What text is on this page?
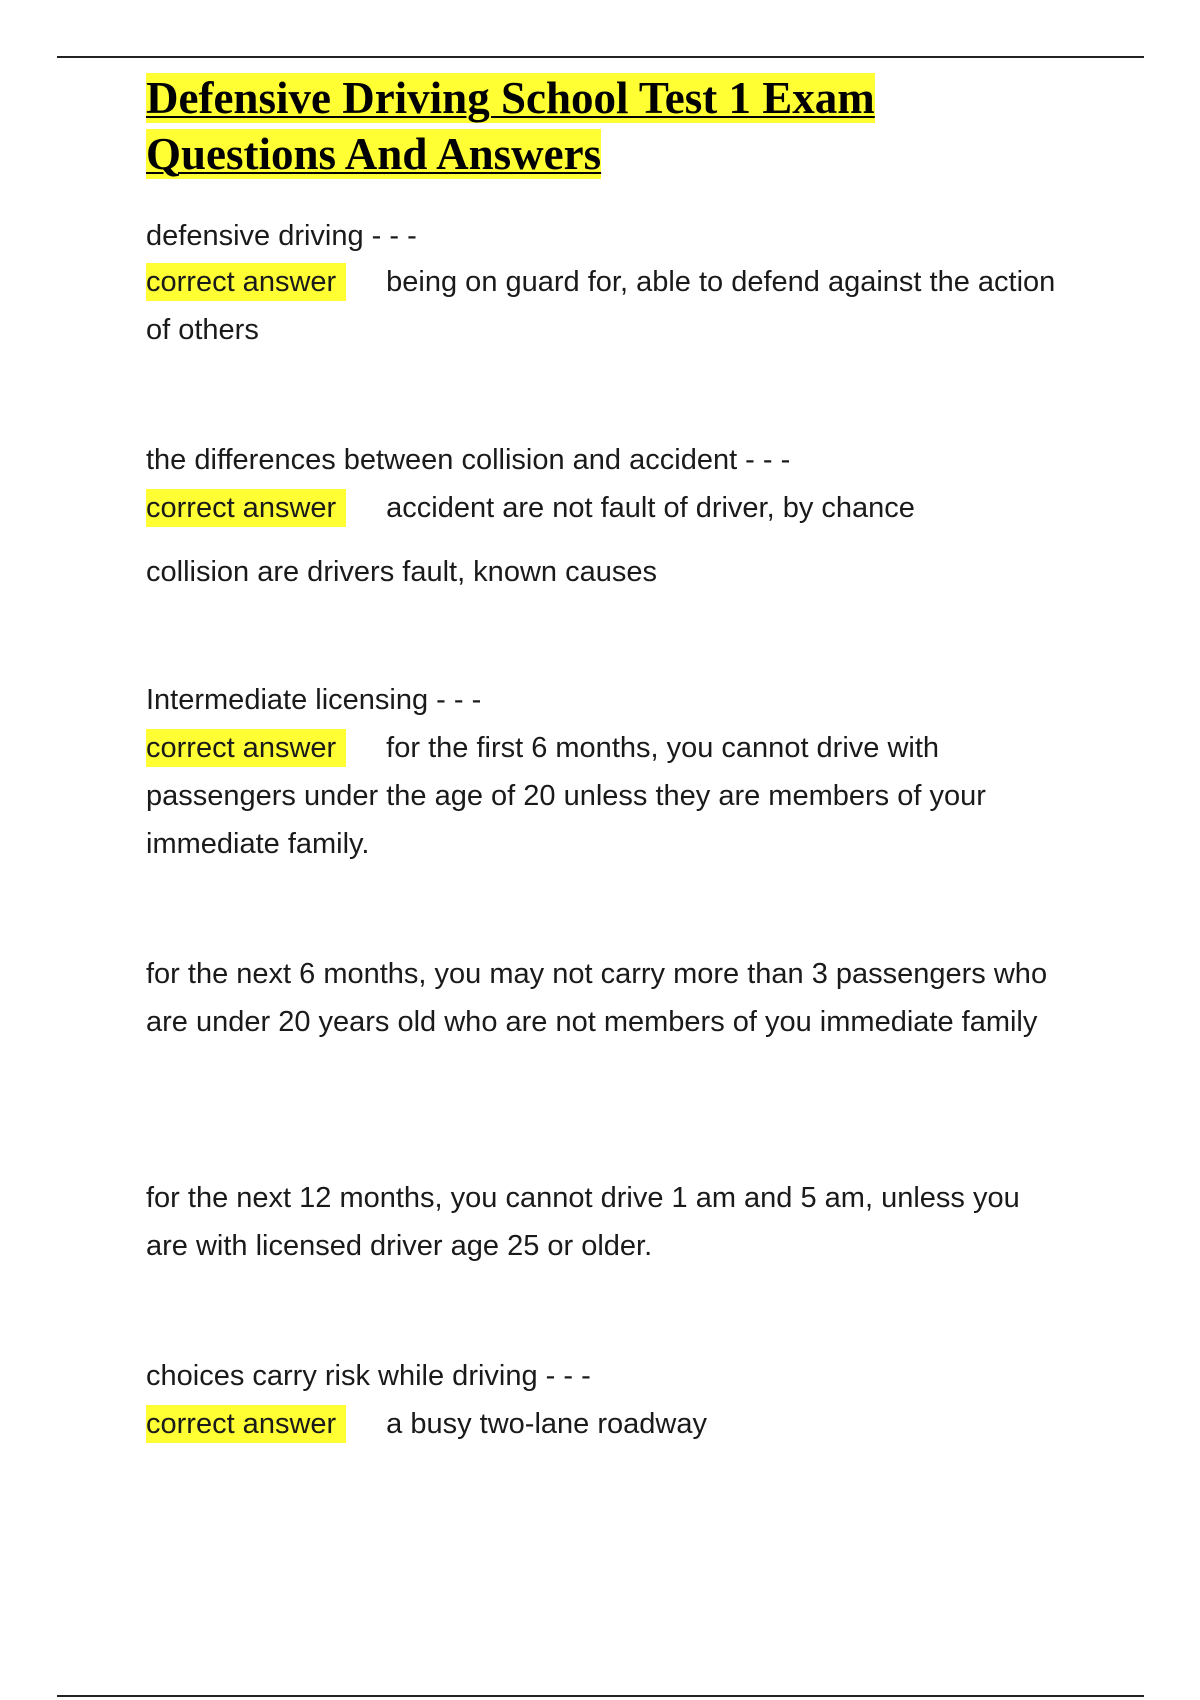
Defensive Driving School Test 1 Exam Questions And Answers

defensive driving - - -

correct answer being on guard for, able to defend against the action of others

the differences between collision and accident - - -

correct answer accident are not fault of driver, by chance

collision are drivers fault, known causes

Intermediate licensing - - -

correct answer for the first 6 months, you cannot drive with passengers under the age of 20 unless they are members of your immediate family.

for the next 6 months, you may not carry more than 3 passengers who are under 20 years old who are not members of you immediate family

for the next 12 months, you cannot drive 1 am and 5 am, unless you are with licensed driver age 25 or older.

choices carry risk while driving - - -

correct answer a busy two-lane roadway
